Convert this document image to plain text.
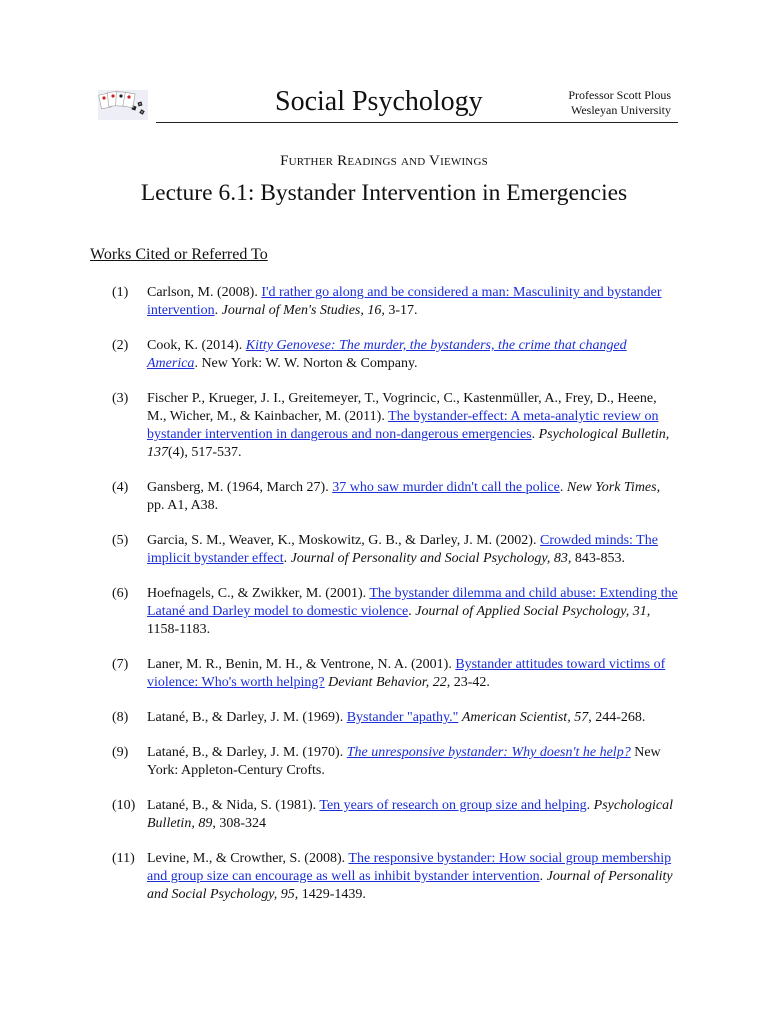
Social Psychology	Professor Scott Plous
Wesleyan University
Further Readings and Viewings
Lecture 6.1: Bystander Intervention in Emergencies
Works Cited or Referred To
(1) Carlson, M. (2008). I'd rather go along and be considered a man: Masculinity and bystander intervention. Journal of Men's Studies, 16, 3-17.
(2) Cook, K. (2014). Kitty Genovese: The murder, the bystanders, the crime that changed America. New York: W. W. Norton & Company.
(3) Fischer P., Krueger, J. I., Greitemeyer, T., Vogrincic, C., Kastenmüller, A., Frey, D., Heene, M., Wicher, M., & Kainbacher, M. (2011). The bystander-effect: A meta-analytic review on bystander intervention in dangerous and non-dangerous emergencies. Psychological Bulletin, 137(4), 517-537.
(4) Gansberg, M. (1964, March 27). 37 who saw murder didn't call the police. New York Times, pp. A1, A38.
(5) Garcia, S. M., Weaver, K., Moskowitz, G. B., & Darley, J. M. (2002). Crowded minds: The implicit bystander effect. Journal of Personality and Social Psychology, 83, 843-853.
(6) Hoefnagels, C., & Zwikker, M. (2001). The bystander dilemma and child abuse: Extending the Latané and Darley model to domestic violence. Journal of Applied Social Psychology, 31, 1158-1183.
(7) Laner, M. R., Benin, M. H., & Ventrone, N. A. (2001). Bystander attitudes toward victims of violence: Who's worth helping? Deviant Behavior, 22, 23-42.
(8) Latané, B., & Darley, J. M. (1969). Bystander "apathy." American Scientist, 57, 244-268.
(9) Latané, B., & Darley, J. M. (1970). The unresponsive bystander: Why doesn't he help? New York: Appleton-Century Crofts.
(10) Latané, B., & Nida, S. (1981). Ten years of research on group size and helping. Psychological Bulletin, 89, 308-324
(11) Levine, M., & Crowther, S. (2008). The responsive bystander: How social group membership and group size can encourage as well as inhibit bystander intervention. Journal of Personality and Social Psychology, 95, 1429-1439.
